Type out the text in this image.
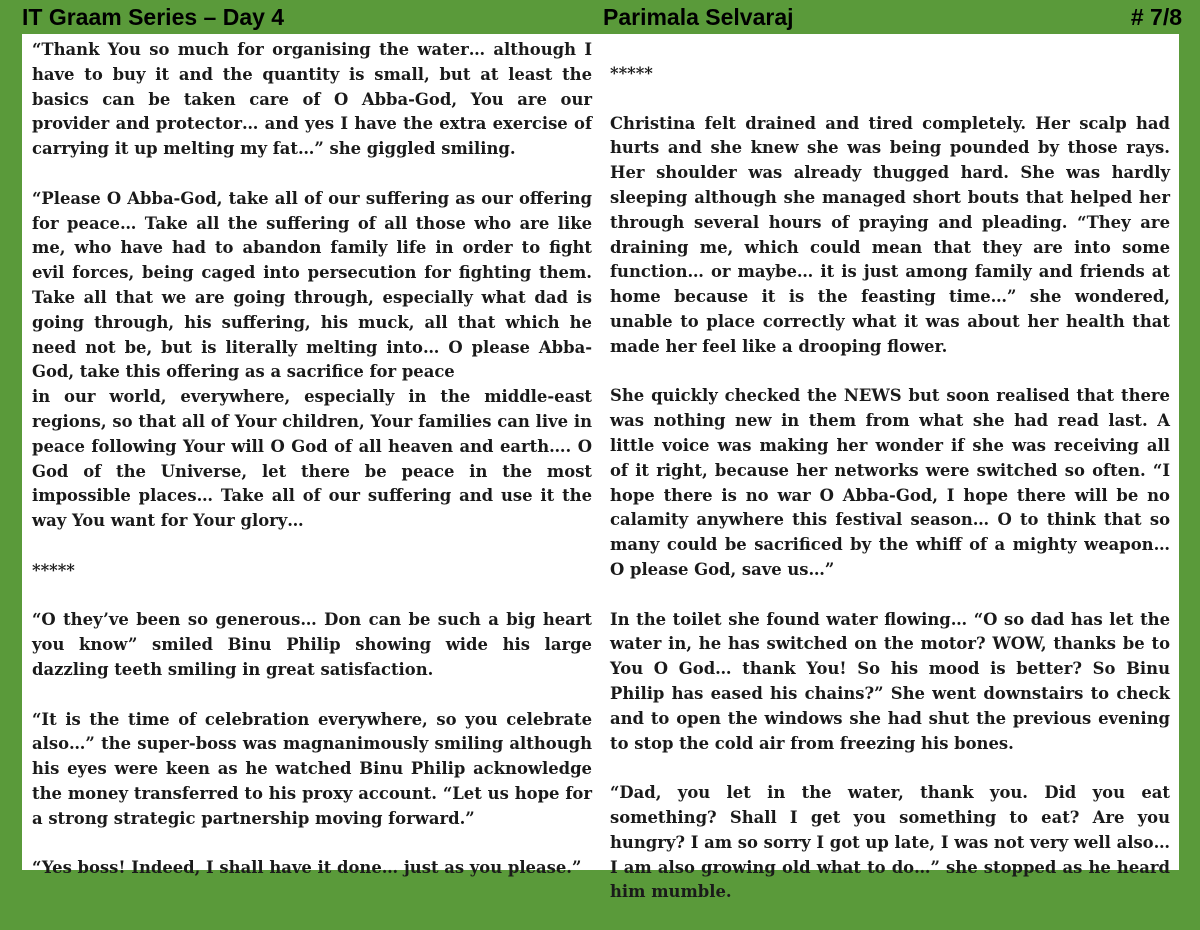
IT Graam Series – Day 4	Parimala Selvaraj	# 7/8

“Thank You so much for organising the water… although I have to buy it and the quantity is small, but at least the basics can be taken care of O Abba-God, You are our provider and protector… and yes I have the extra exercise of carrying it up melting my fat…” she giggled smiling.

“Please O Abba-God, take all of our suffering as our offering for peace… Take all the suffering of all those who are like me, who have had to abandon family life in order to fight evil forces, being caged into persecution for fighting them. Take all that we are going through, especially what dad is going through, his suffering, his muck, all that which he need not be, but is literally melting into… O please Abba-God, take this offering as a sacrifice for peace

in our world, everywhere, especially in the middle-east regions, so that all of Your children, Your families can live in peace following Your will O God of all heaven and earth…. O God of the Universe, let there be peace in the most impossible places… Take all of our suffering and use it the way You want for Your glory…

*****

“O they’ve been so generous… Don can be such a big heart you know” smiled Binu Philip showing wide his large dazzling teeth smiling in great satisfaction.

“It is the time of celebration everywhere, so you celebrate also…” the super-boss was magnanimously smiling although his eyes were keen as he watched Binu Philip acknowledge the money transferred to his proxy account. “Let us hope for a strong strategic partnership moving forward.”

“Yes boss! Indeed, I shall have it done… just as you please.”

*****

Christina felt drained and tired completely. Her scalp had hurts and she knew she was being pounded by those rays. Her shoulder was already thugged hard. She was hardly sleeping although she managed short bouts that helped her through several hours of praying and pleading. “They are draining me, which could mean that they are into some function… or maybe… it is just among family and friends at home because it is the feasting time…” she wondered, unable to place correctly what it was about her health that made her feel like a drooping flower.

She quickly checked the NEWS but soon realised that there was nothing new in them from what she had read last. A little voice was making her wonder if she was receiving all of it right, because her networks were switched so often. “I hope there is no war O Abba-God, I hope there will be no calamity anywhere this festival season… O to think that so many could be sacrificed by the whiff of a mighty weapon… O please God, save us…”

In the toilet she found water flowing… “O so dad has let the water in, he has switched on the motor? WOW, thanks be to You O God… thank You! So his mood is better? So Binu Philip has eased his chains?” She went downstairs to check and to open the windows she had shut the previous evening to stop the cold air from freezing his bones.

“Dad, you let in the water, thank you. Did you eat something? Shall I get you something to eat? Are you hungry? I am so sorry I got up late, I was not very well also… I am also growing old what to do…” she stopped as he heard him mumble.
